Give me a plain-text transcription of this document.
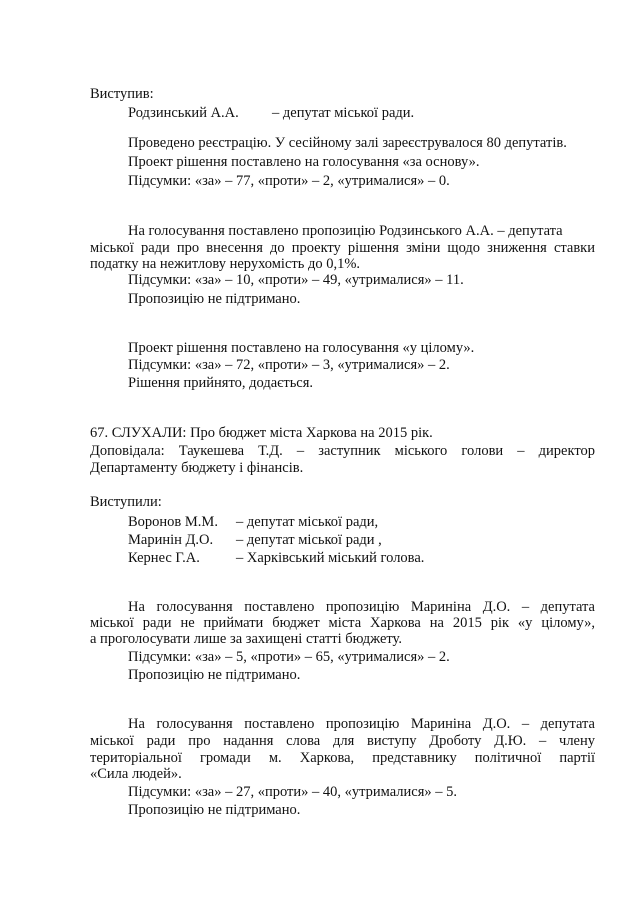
Виступив:
Родзинський А.А. – депутат міської ради.
Проведено реєстрацію. У сесійному залі зареєструвалося 80 депутатів.
Проект рішення поставлено на голосування «за основу».
Підсумки: «за» – 77, «проти» – 2, «утрималися» – 0.
На голосування поставлено пропозицію Родзинського А.А. – депутата
міської ради про внесення до проекту рішення зміни щодо зниження ставки
податку на нежитлову нерухомість до 0,1%.
Підсумки: «за» – 10, «проти» – 49, «утрималися» – 11.
Пропозицію не підтримано.
Проект рішення поставлено на голосування «у цілому».
Підсумки: «за» – 72, «проти» – 3, «утрималися» – 2.
Рішення прийнято, додається.
67. СЛУХАЛИ: Про бюджет міста Харкова на 2015 рік.
Доповідала: Таукешева Т.Д. – заступник міського голови – директор
Департаменту бюджету і фінансів.
Виступили:
Воронов М.М. – депутат міської ради,
Маринін Д.О. – депутат міської ради ,
Кернес Г.А. – Харківський міський голова.
На голосування поставлено пропозицію Мариніна Д.О. – депутата
міської ради не приймати бюджет міста Харкова на 2015 рік «у цілому»,
а проголосувати лише за захищені статті бюджету.
Підсумки: «за» – 5, «проти» – 65, «утрималися» – 2.
Пропозицію не підтримано.
На голосування поставлено пропозицію Мариніна Д.О. – депутата
міської ради про надання слова для виступу Дроботу Д.Ю. – члену
територіальної громади м. Харкова, представнику політичної партії
«Сила людей».
Підсумки: «за» – 27, «проти» – 40, «утрималися» – 5.
Пропозицію не підтримано.
